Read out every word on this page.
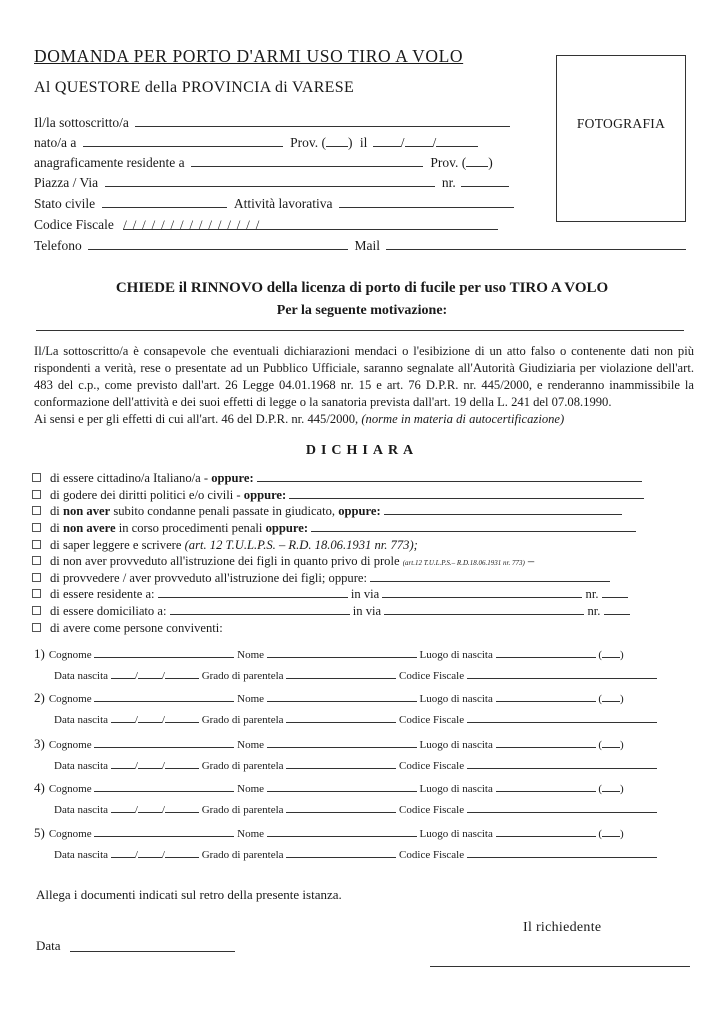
DOMANDA PER PORTO D'ARMI USO TIRO A VOLO
Al QUESTORE della PROVINCIA di VARESE
FOTOGRAFIA
Il/la sottoscritto/a
nato/a a	Prov. ( ) il / /
anagraficamente residente a	Prov. ( )
Piazza / Via	nr.
Stato civile	Attività lavorativa
Codice Fiscale / / / / / / / / / / / / / / /
Telefono	Mail
CHIEDE il RINNOVO della licenza di porto di fucile per uso TIRO A VOLO
Per la seguente motivazione:
Il/La sottoscritto/a è consapevole che eventuali dichiarazioni mendaci o l'esibizione di un atto falso o contenente dati non più rispondenti a verità, rese o presentate ad un Pubblico Ufficiale, saranno segnalate all'Autorità Giudiziaria per violazione dell'art. 483 del c.p., come previsto dall'art. 26 Legge 04.01.1968 nr. 15 e art. 76 D.P.R. nr. 445/2000, e renderanno inammissibile la conformazione dell'attività e dei suoi effetti di legge o la sanatoria prevista dall'art. 19 della L. 241 del 07.08.1990.
Ai sensi e per gli effetti di cui all'art. 46 del D.P.R. nr. 445/2000, (norme in materia di autocertificazione)
DICHIARA
di essere cittadino/a Italiano/a - oppure:
di godere dei diritti politici e/o civili - oppure:
di non aver subito condanne penali passate in giudicato, oppure:
di non avere in corso procedimenti penali oppure:
di saper leggere e scrivere (art. 12 T.U.L.P.S. – R.D. 18.06.1931 nr. 773);
di non aver provveduto all'istruzione dei figli in quanto privo di prole (art.12 T.U.L.P.S.– R.D.18.06.1931 nr. 773) –
di provvedere / aver provveduto all'istruzione dei figli; oppure:
di essere residente a:	in via	nr.
di essere domiciliato a:	in via	nr.
di avere come persone conviventi:
1) Cognome	Nome	Luogo di nascita	( )
Data nascita / /	Grado di parentela	Codice Fiscale
2) Cognome	Nome	Luogo di nascita	( )
Data nascita / /	Grado di parentela	Codice Fiscale
3) Cognome	Nome	Luogo di nascita	( )
Data nascita / /	Grado di parentela	Codice Fiscale
4) Cognome	Nome	Luogo di nascita	( )
Data nascita / /	Grado di parentela	Codice Fiscale
5) Cognome	Nome	Luogo di nascita	( )
Data nascita / /	Grado di parentela	Codice Fiscale
Allega i documenti indicati sul retro della presente istanza.
Il richiedente
Data
